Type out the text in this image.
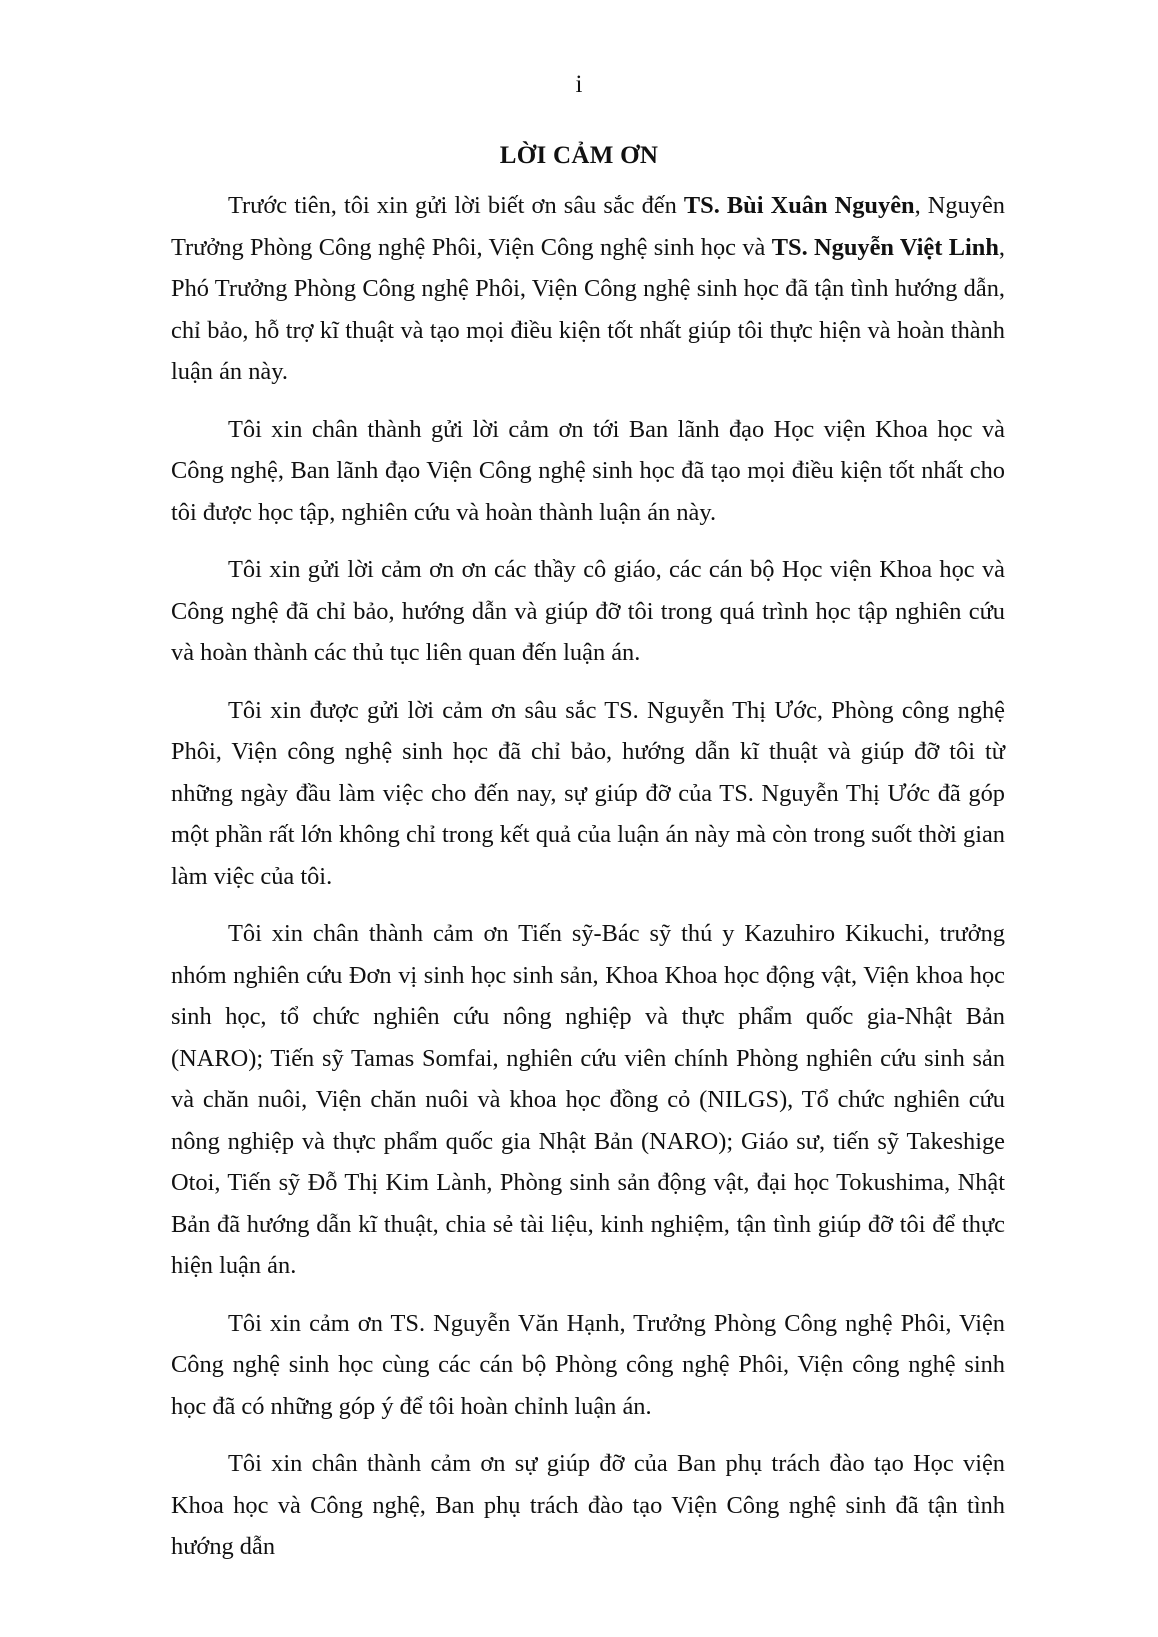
i
LỜI CẢM ƠN

Trước tiên, tôi xin gửi lời biết ơn sâu sắc đến TS. Bùi Xuân Nguyên, Nguyên Trưởng Phòng Công nghệ Phôi, Viện Công nghệ sinh học và TS. Nguyễn Việt Linh, Phó Trưởng Phòng Công nghệ Phôi, Viện Công nghệ sinh học đã tận tình hướng dẫn, chỉ bảo, hỗ trợ kĩ thuật và tạo mọi điều kiện tốt nhất giúp tôi thực hiện và hoàn thành luận án này.

Tôi xin chân thành gửi lời cảm ơn tới Ban lãnh đạo Học viện Khoa học và Công nghệ, Ban lãnh đạo Viện Công nghệ sinh học đã tạo mọi điều kiện tốt nhất cho tôi được học tập, nghiên cứu và hoàn thành luận án này.

Tôi xin gửi lời cảm ơn ơn các thầy cô giáo, các cán bộ Học viện Khoa học và Công nghệ đã chỉ bảo, hướng dẫn và giúp đỡ tôi trong quá trình học tập nghiên cứu và hoàn thành các thủ tục liên quan đến luận án.

Tôi xin được gửi lời cảm ơn sâu sắc TS. Nguyễn Thị Ước, Phòng công nghệ Phôi, Viện công nghệ sinh học đã chỉ bảo, hướng dẫn kĩ thuật và giúp đỡ tôi từ những ngày đầu làm việc cho đến nay, sự giúp đỡ của TS. Nguyễn Thị Ước đã góp một phần rất lớn không chỉ trong kết quả của luận án này mà còn trong suốt thời gian làm việc của tôi.

Tôi xin chân thành cảm ơn Tiến sỹ-Bác sỹ thú y Kazuhiro Kikuchi, trưởng nhóm nghiên cứu Đơn vị sinh học sinh sản, Khoa Khoa học động vật, Viện khoa học sinh học, tổ chức nghiên cứu nông nghiệp và thực phẩm quốc gia-Nhật Bản (NARO); Tiến sỹ Tamas Somfai, nghiên cứu viên chính Phòng nghiên cứu sinh sản và chăn nuôi, Viện chăn nuôi và khoa học đồng cỏ (NILGS), Tổ chức nghiên cứu nông nghiệp và thực phẩm quốc gia Nhật Bản (NARO); Giáo sư, tiến sỹ Takeshige Otoi, Tiến sỹ Đỗ Thị Kim Lành, Phòng sinh sản động vật, đại học Tokushima, Nhật Bản đã hướng dẫn kĩ thuật, chia sẻ tài liệu, kinh nghiệm, tận tình giúp đỡ tôi để thực hiện luận án.

Tôi xin cảm ơn TS. Nguyễn Văn Hạnh, Trưởng Phòng Công nghệ Phôi, Viện Công nghệ sinh học cùng các cán bộ Phòng công nghệ Phôi, Viện công nghệ sinh học đã có những góp ý để tôi hoàn chỉnh luận án.

Tôi xin chân thành cảm ơn sự giúp đỡ của Ban phụ trách đào tạo Học viện Khoa học và Công nghệ, Ban phụ trách đào tạo Viện Công nghệ sinh đã tận tình hướng dẫn
